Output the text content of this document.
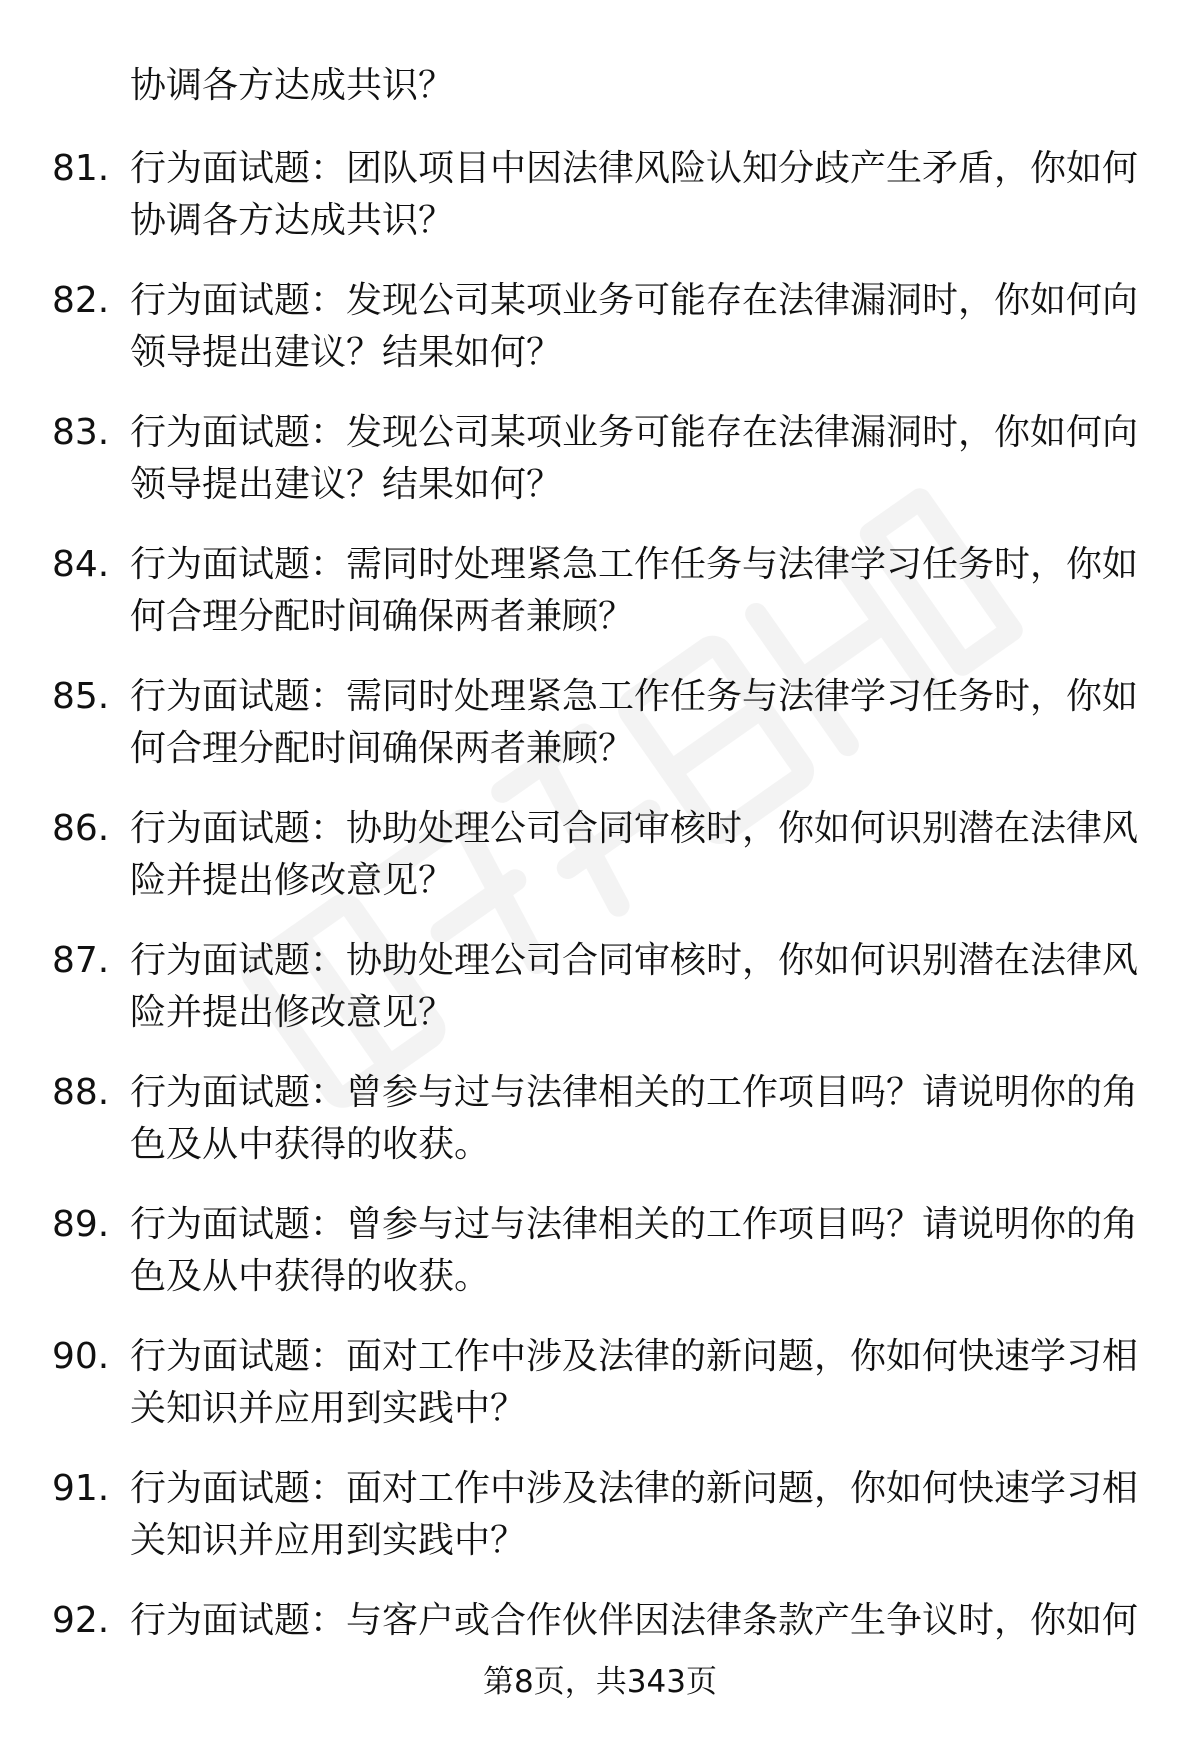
协调各方达成共识？

81. 行为面试题：团队项目中因法律风险认知分歧产生矛盾，你如何
协调各方达成共识？
82. 行为面试题：发现公司某项业务可能存在法律漏洞时，你如何向
领导提出建议？结果如何？
83. 行为面试题：发现公司某项业务可能存在法律漏洞时，你如何向
领导提出建议？结果如何？
84. 行为面试题：需同时处理紧急工作任务与法律学习任务时，你如
何合理分配时间确保两者兼顾？
85. 行为面试题：需同时处理紧急工作任务与法律学习任务时，你如
何合理分配时间确保两者兼顾？
86. 行为面试题：协助处理公司合同审核时，你如何识别潜在法律风
险并提出修改意见？
87. 行为面试题：协助处理公司合同审核时，你如何识别潜在法律风
险并提出修改意见？
88. 行为面试题：曾参与过与法律相关的工作项目吗？请说明你的角
色及从中获得的收获。
89. 行为面试题：曾参与过与法律相关的工作项目吗？请说明你的角
色及从中获得的收获。
90. 行为面试题：面对工作中涉及法律的新问题，你如何快速学习相
关知识并应用到实践中？
91. 行为面试题：面对工作中涉及法律的新问题，你如何快速学习相
关知识并应用到实践中？
92. 行为面试题：与客户或合作伙伴因法律条款产生争议时，你如何
第8页，共343页
